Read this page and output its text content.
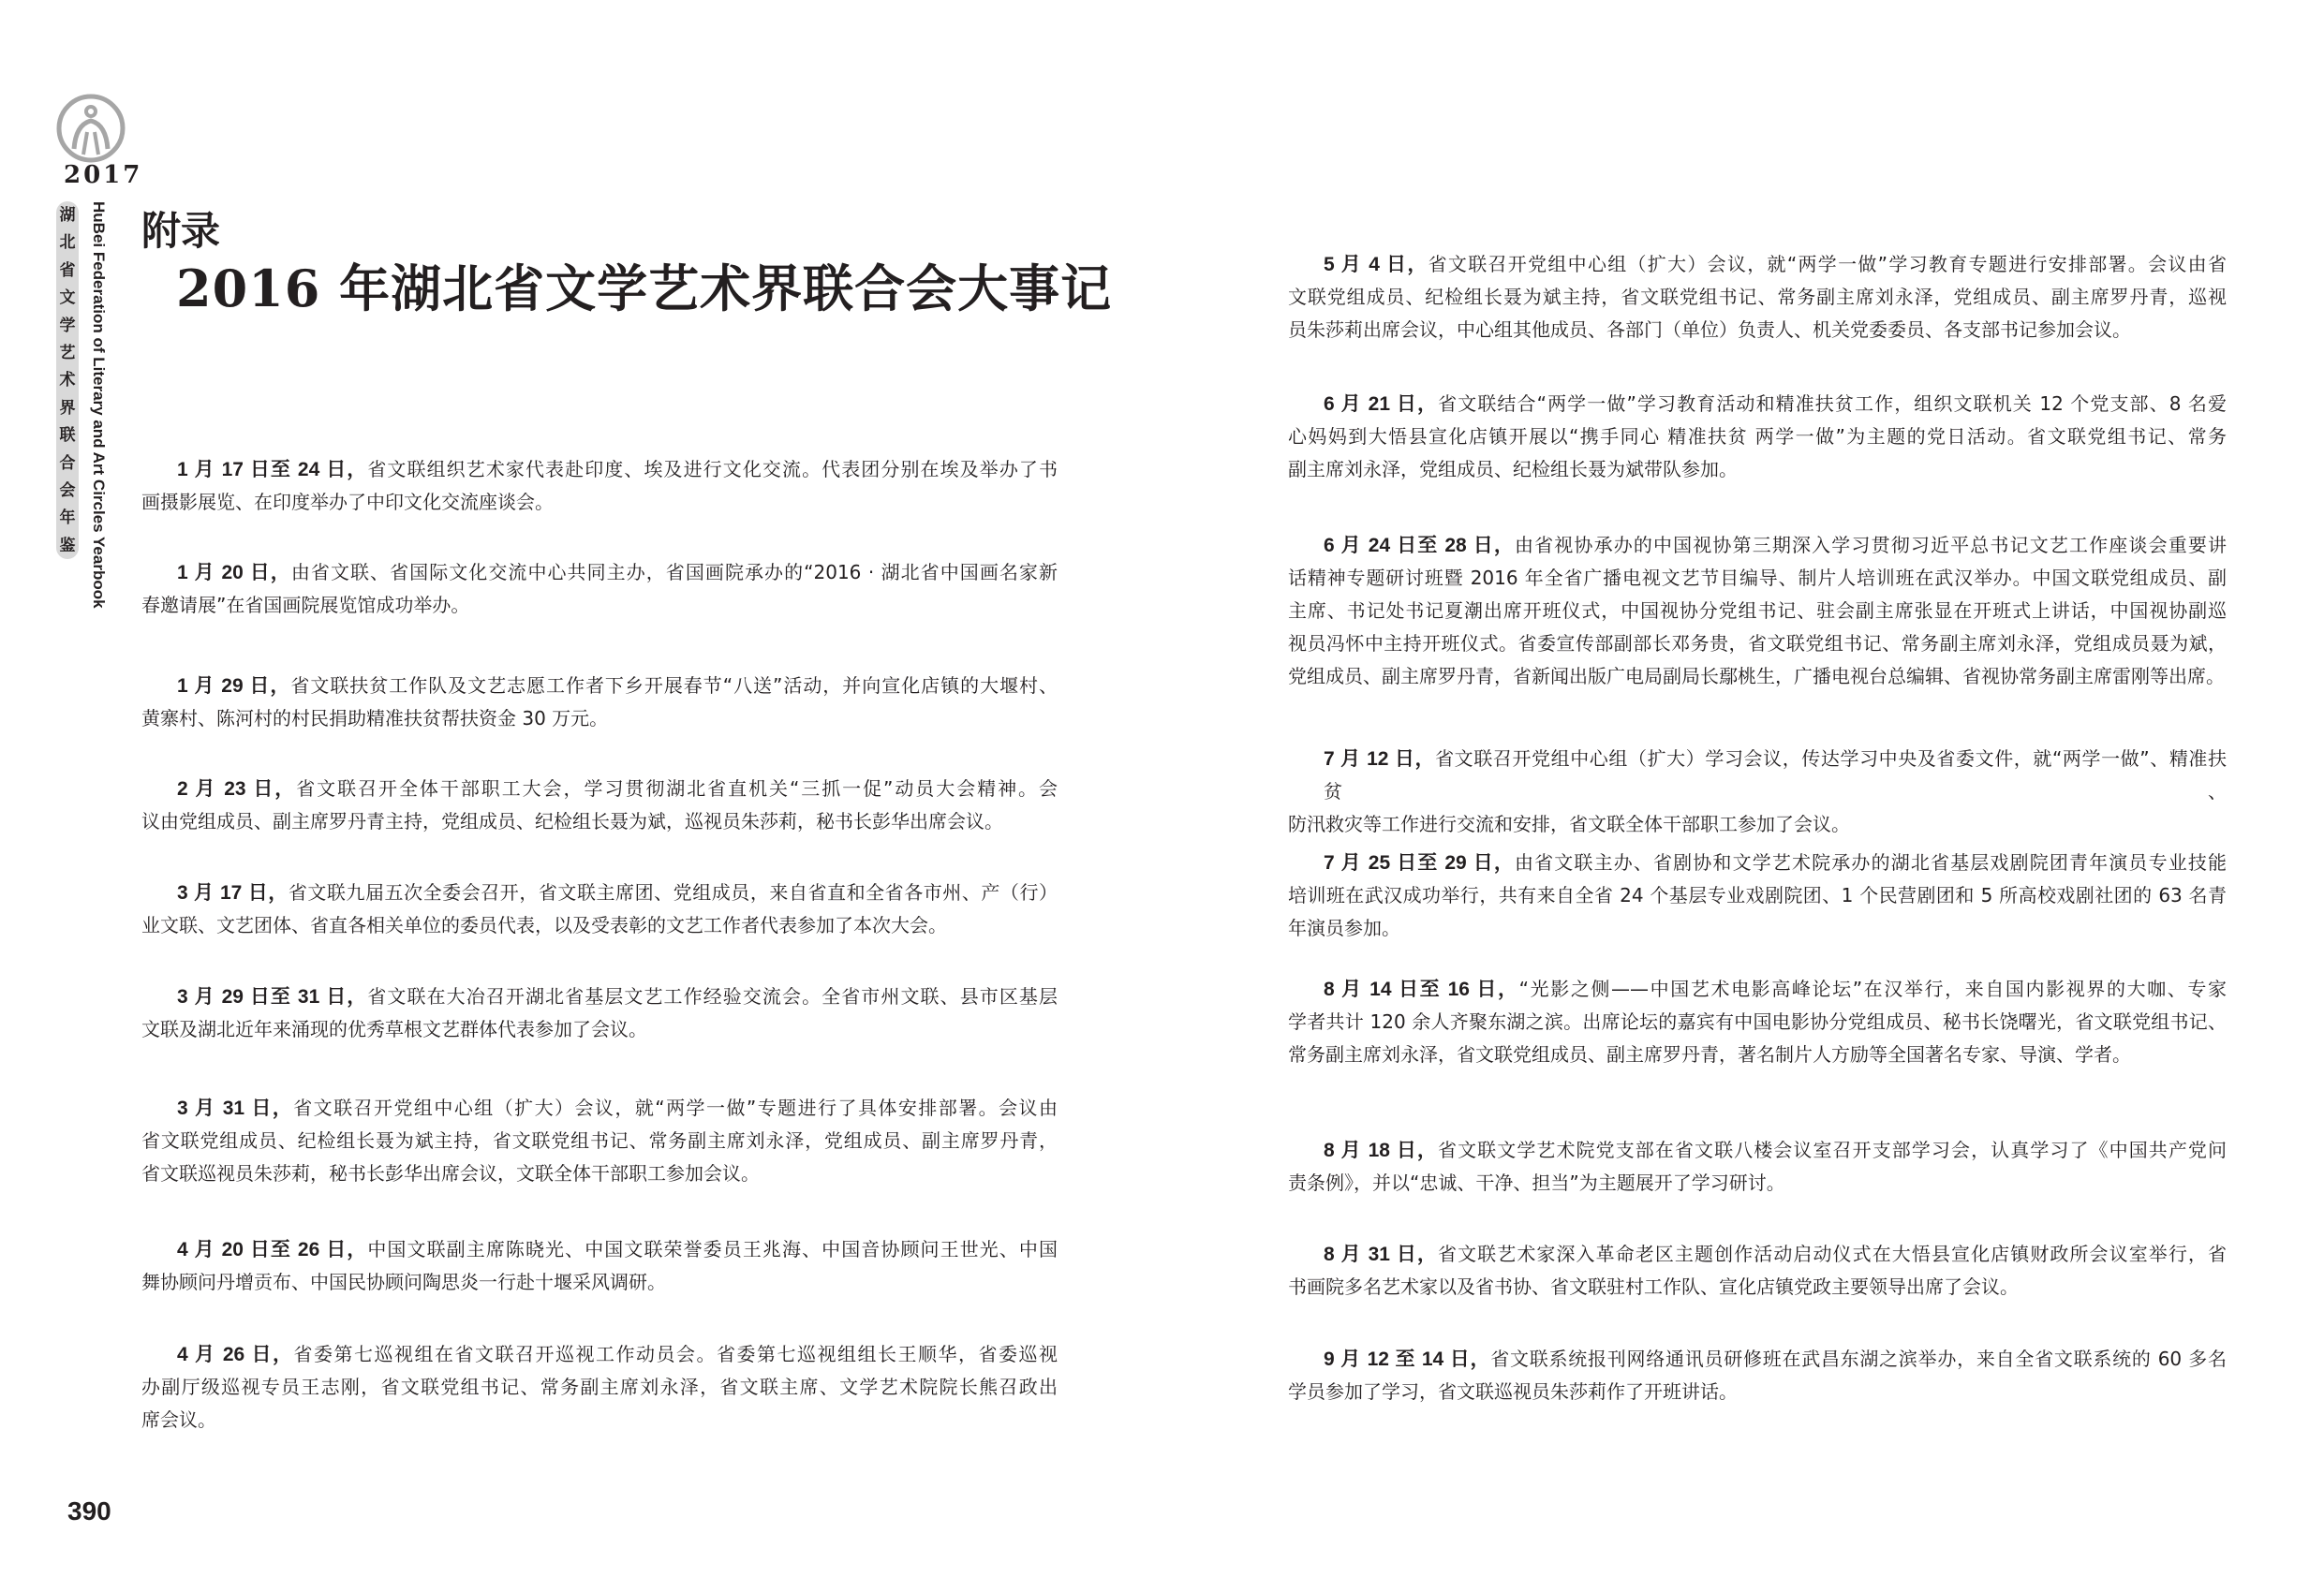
2017
湖
北
省
文
学
艺
术
界
联
合
会
年
鉴 HuBei Federation of Literary and Art Circles Yearbook 附录
2016 年湖北省文学艺术界联合会大事记
1 月 17 日至 24 日，省文联组织艺术家代表赴印度、埃及进行文化交流。代表团分别在埃及举办了书
画摄影展览、在印度举办了中印文化交流座谈会。
1 月 20 日，由省文联、省国际文化交流中心共同主办，省国画院承办的“2016 · 湖北省中国画名家新
春邀请展”在省国画院展览馆成功举办。
1 月 29 日，省文联扶贫工作队及文艺志愿工作者下乡开展春节“八送”活动，并向宣化店镇的大堰村、
黄寨村、陈河村的村民捐助精准扶贫帮扶资金 30 万元。
2 月 23 日，省文联召开全体干部职工大会，学习贯彻湖北省直机关“三抓一促”动员大会精神。会
议由党组成员、副主席罗丹青主持，党组成员、纪检组长聂为斌，巡视员朱莎莉，秘书长彭华出席会议。
3 月 17 日，省文联九届五次全委会召开，省文联主席团、党组成员，来自省直和全省各市州、产（行）
业文联、文艺团体、省直各相关单位的委员代表，以及受表彰的文艺工作者代表参加了本次大会。
3 月 29 日至 31 日，省文联在大冶召开湖北省基层文艺工作经验交流会。全省市州文联、县市区基层
文联及湖北近年来涌现的优秀草根文艺群体代表参加了会议。
3 月 31 日，省文联召开党组中心组（扩大）会议，就“两学一做”专题进行了具体安排部署。会议由
省文联党组成员、纪检组长聂为斌主持，省文联党组书记、常务副主席刘永泽，党组成员、副主席罗丹青，
省文联巡视员朱莎莉，秘书长彭华出席会议，文联全体干部职工参加会议。
4 月 20 日至 26 日，中国文联副主席陈晓光、中国文联荣誉委员王兆海、中国音协顾问王世光、中国
舞协顾问丹增贡布、中国民协顾问陶思炎一行赴十堰采风调研。
4 月 26 日，省委第七巡视组在省文联召开巡视工作动员会。省委第七巡视组组长王顺华，省委巡视
办副厅级巡视专员王志刚，省文联党组书记、常务副主席刘永泽，省文联主席、文学艺术院院长熊召政出
席会议。
5 月 4 日，省文联召开党组中心组（扩大）会议，就“两学一做”学习教育专题进行安排部署。会议由省
文联党组成员、纪检组长聂为斌主持，省文联党组书记、常务副主席刘永泽，党组成员、副主席罗丹青，巡视
员朱莎莉出席会议，中心组其他成员、各部门（单位）负责人、机关党委委员、各支部书记参加会议。
6 月 21 日，省文联结合“两学一做”学习教育活动和精准扶贫工作，组织文联机关 12 个党支部、8 名爱
心妈妈到大悟县宣化店镇开展以“携手同心 精准扶贫 两学一做”为主题的党日活动。省文联党组书记、常务
副主席刘永泽，党组成员、纪检组长聂为斌带队参加。
6 月 24 日至 28 日，由省视协承办的中国视协第三期深入学习贯彻习近平总书记文艺工作座谈会重要讲
话精神专题研讨班暨 2016 年全省广播电视文艺节目编导、制片人培训班在武汉举办。中国文联党组成员、副
主席、书记处书记夏潮出席开班仪式，中国视协分党组书记、驻会副主席张显在开班式上讲话，中国视协副巡
视员冯怀中主持开班仪式。省委宣传部副部长邓务贵，省文联党组书记、常务副主席刘永泽，党组成员聂为斌，
党组成员、副主席罗丹青，省新闻出版广电局副局长鄢桃生，广播电视台总编辑、省视协常务副主席雷刚等出席。
7 月 12 日，省文联召开党组中心组（扩大）学习会议，传达学习中央及省委文件，就“两学一做”、精准扶贫、
防汛救灾等工作进行交流和安排，省文联全体干部职工参加了会议。
7 月 25 日至 29 日，由省文联主办、省剧协和文学艺术院承办的湖北省基层戏剧院团青年演员专业技能
培训班在武汉成功举行，共有来自全省 24 个基层专业戏剧院团、1 个民营剧团和 5 所高校戏剧社团的 63 名青
年演员参加。
8 月 14 日至 16 日，“光影之侧——中国艺术电影高峰论坛”在汉举行，来自国内影视界的大咖、专家
学者共计 120 余人齐聚东湖之滨。出席论坛的嘉宾有中国电影协分党组成员、秘书长饶曙光，省文联党组书记、
常务副主席刘永泽，省文联党组成员、副主席罗丹青，著名制片人方励等全国著名专家、导演、学者。
8 月 18 日，省文联文学艺术院党支部在省文联八楼会议室召开支部学习会，认真学习了《中国共产党问
责条例》，并以“忠诚、干净、担当”为主题展开了学习研讨。
8 月 31 日，省文联艺术家深入革命老区主题创作活动启动仪式在大悟县宣化店镇财政所会议室举行，省
书画院多名艺术家以及省书协、省文联驻村工作队、宣化店镇党政主要领导出席了会议。
9 月 12 至 14 日，省文联系统报刊网络通讯员研修班在武昌东湖之滨举办，来自全省文联系统的 60 多名
学员参加了学习，省文联巡视员朱莎莉作了开班讲话。
390
